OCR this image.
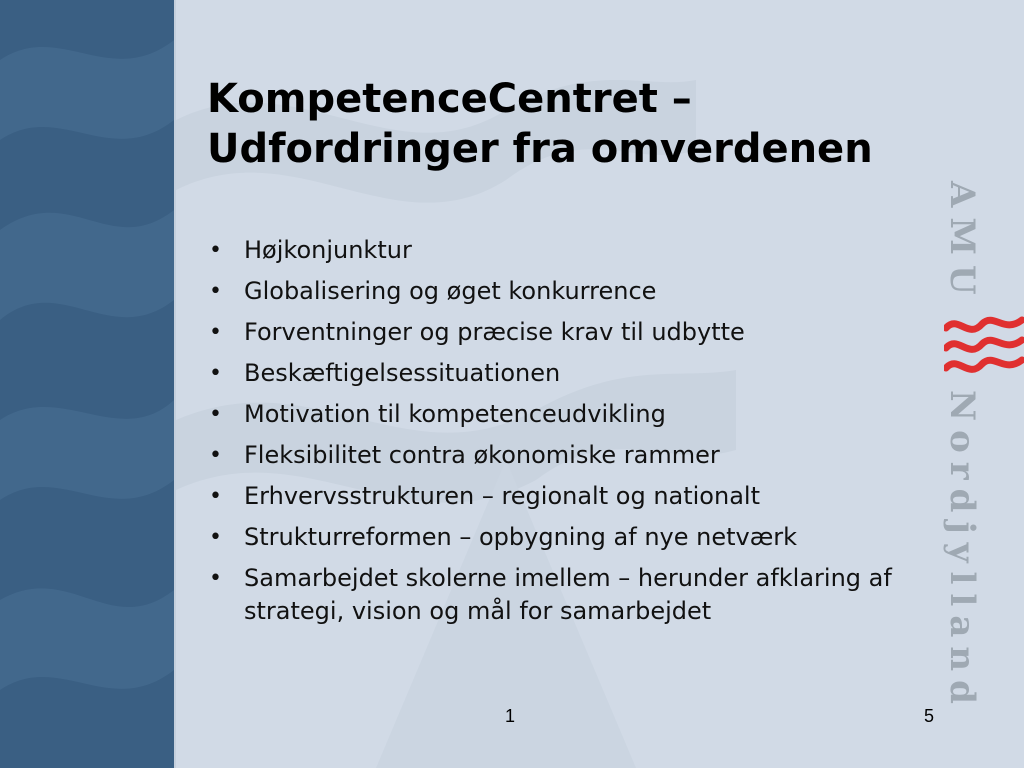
KompetenceCentret –
Udfordringer fra omverdenen
• Højkonjunktur
• Globalisering og øget konkurrence
• Forventninger og præcise krav til udbytte
• Beskæftigelsessituationen
• Motivation til kompetenceudvikling
• Fleksibilitet contra økonomiske rammer
• Erhvervsstrukturen – regionalt og nationalt
• Strukturreformen – opbygning af nye netværk
• Samarbejdet skolerne imellem – herunder afklaring af strategi, vision og mål for samarbejdet
AMU
Nordjylland
1	5
